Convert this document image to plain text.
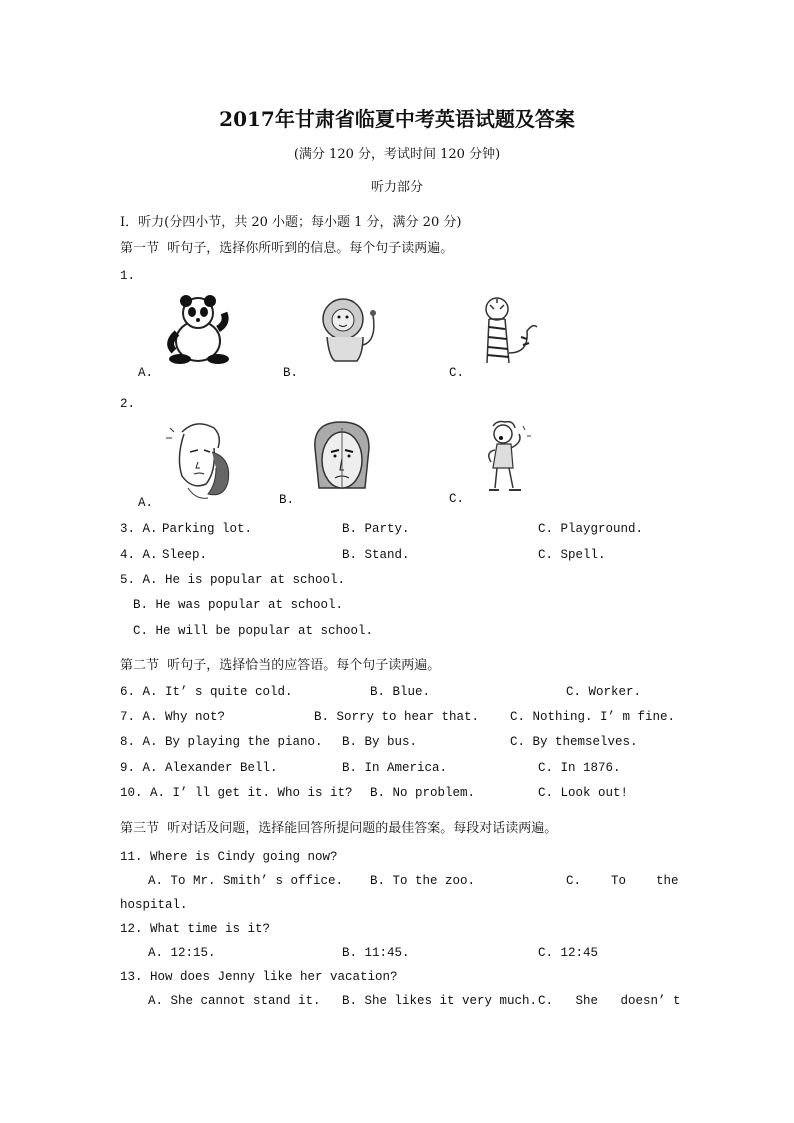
2017年甘肃省临夏中考英语试题及答案
(满分 120 分，考试时间 120 分钟)
听力部分
Ⅰ．听力(分四小节，共 20 小题；每小题 1 分，满分 20 分)
第一节  听句子，选择你所听到的信息。每个句子读两遍。
1.
A.	B.	C.
2.
A.	B.	C.
3. A. Parking lot.	B. Party.	C. Playground.
4. A. Sleep.	B. Stand.	C. Spell.
5. A. He is popular at school.
B. He was popular at school.
C. He will be popular at school.
第二节  听句子，选择恰当的应答语。每个句子读两遍。
6. A. It’ s quite cold.	B. Blue.	C. Worker.
7. A. Why not?	B. Sorry to hear that. C. Nothing. I’ m fine.
8. A. By playing the piano. B. By bus.	C. By themselves.
9. A. Alexander Bell.	B. In America.	C. In 1876.
10. A. I’ ll get it. Who is it? B. No problem.	C. Look out!
第三节  听对话及问题，选择能回答所提问题的最佳答案。每段对话读两遍。
11. Where is Cindy going now?
A. To Mr. Smith’ s office. B. To the zoo.	C.    To    the
hospital.
12. What time is it?
A. 12:15.	B. 11:45.	C. 12:45
13. How does Jenny like her vacation?
A. She cannot stand it. B. She likes it very much. C.   She   doesn’ t
